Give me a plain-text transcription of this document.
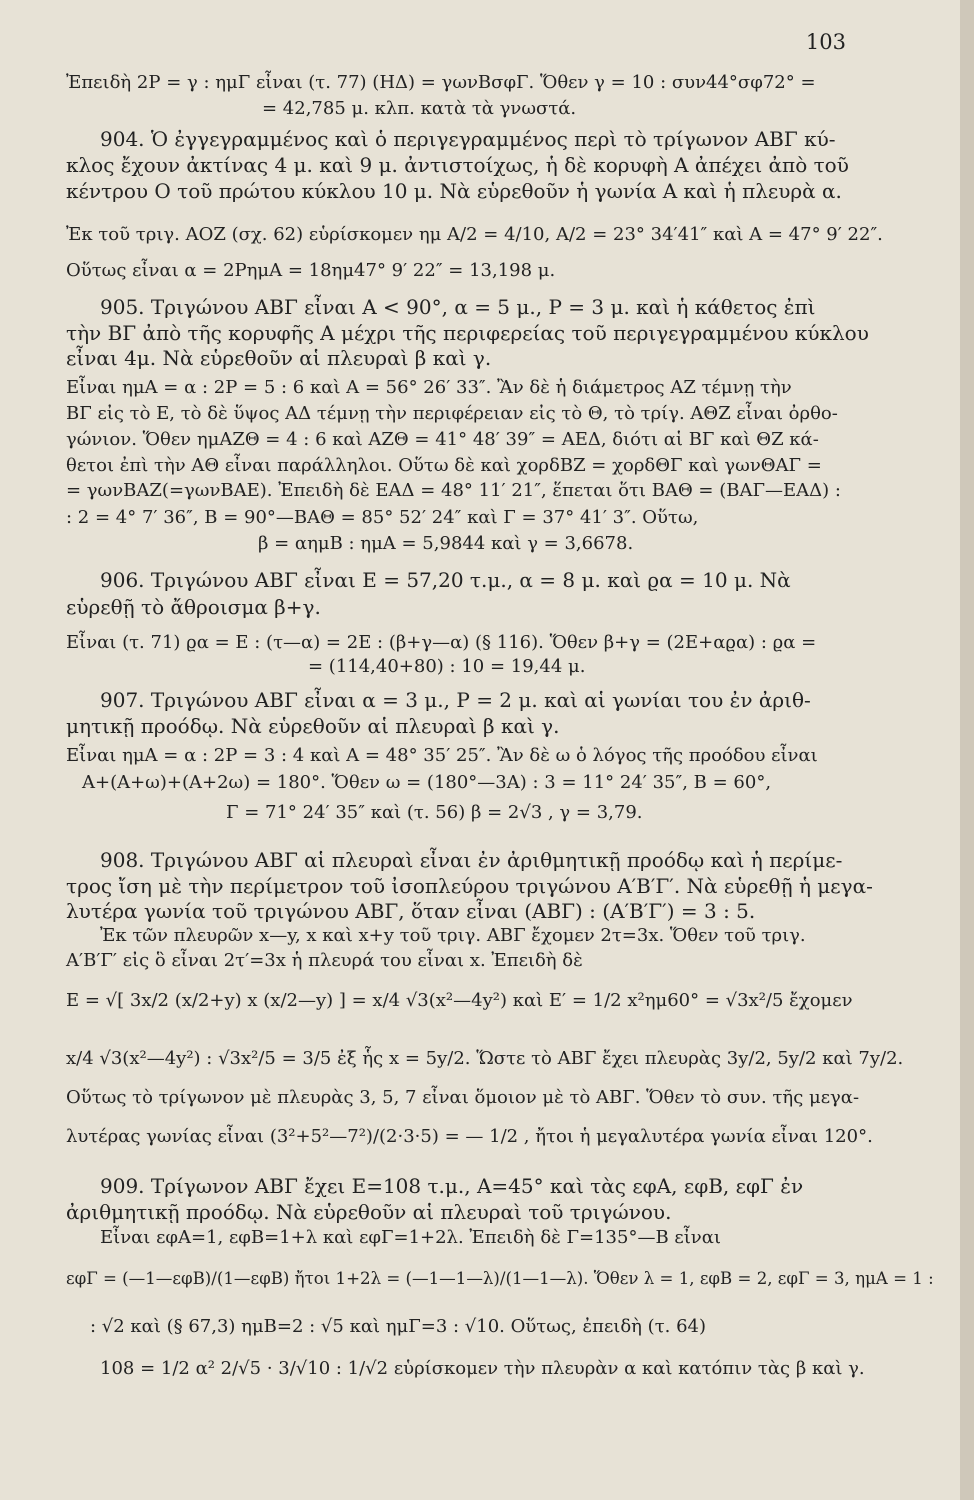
103
Ἐπειδὴ 2Ρ = γ : ημΓ εἶναι (τ. 77) (ΗΔ) = γωνΒσφΓ. Ὅθεν γ = 10 : συν44°σφ72° =
= 42,785 μ. κλπ. κατὰ τὰ γνωστά.
904. Ὁ ἐγγεγραμμένος καὶ ὁ περιγεγραμμένος περὶ τὸ τρίγωνον ΑΒΓ κύ-
κλος ἔχουν ἀκτίνας 4 μ. καὶ 9 μ. ἀντιστοίχως, ἡ δὲ κορυφὴ Α ἀπέχει ἀπὸ τοῦ
κέντρου Ο τοῦ πρώτου κύκλου 10 μ. Νὰ εὑρεθοῦν ἡ γωνία Α καὶ ἡ πλευρὰ α.
Ἐκ τοῦ τριγ. ΑΟΖ (σχ. 62) εὑρίσκομεν ημ A/2 = 4/10, A/2 = 23° 34′41″ καὶ Α = 47° 9′ 22″.
Οὕτως εἶναι α = 2ΡημΑ = 18ημ47° 9′ 22″ = 13,198 μ.
905. Τριγώνου ΑΒΓ εἶναι Α < 90°, α = 5 μ., Ρ = 3 μ. καὶ ἡ κάθετος ἐπὶ
τὴν ΒΓ ἀπὸ τῆς κορυφῆς Α μέχρι τῆς περιφερείας τοῦ περιγεγραμμένου κύκλου
εἶναι 4μ. Νὰ εὑρεθοῦν αἱ πλευραὶ β καὶ γ.
Εἶναι ημΑ = α : 2Ρ = 5 : 6 καὶ Α = 56° 26′ 33″. Ἂν δὲ ἡ διάμετρος ΑΖ τέμνῃ τὴν
ΒΓ εἰς τὸ Ε, τὸ δὲ ὕψος ΑΔ τέμνῃ τὴν περιφέρειαν εἰς τὸ Θ, τὸ τρίγ. ΑΘΖ εἶναι ὀρθο-
γώνιον. Ὅθεν ημΑΖΘ = 4 : 6 καὶ ΑΖΘ = 41° 48′ 39″ = ΑΕΔ, διότι αἱ ΒΓ καὶ ΘΖ κά-
θετοι ἐπὶ τὴν ΑΘ εἶναι παράλληλοι. Οὕτω δὲ καὶ χορδΒΖ = χορδΘΓ καὶ γωνΘΑΓ =
= γωνΒΑΖ(=γωνΒΑΕ). Ἐπειδὴ δὲ ΕΑΔ = 48° 11′ 21″, ἕπεται ὅτι ΒΑΘ = (ΒΑΓ—ΕΑΔ) :
: 2 = 4° 7′ 36″, Β = 90°—ΒΑΘ = 85° 52′ 24″ καὶ Γ = 37° 41′ 3″. Οὕτω,
β = αημΒ : ημΑ = 5,9844 καὶ γ = 3,6678.
906. Τριγώνου ΑΒΓ εἶναι Ε = 57,20 τ.μ., α = 8 μ. καὶ ϱα = 10 μ. Νὰ
εὑρεθῇ τὸ ἄθροισμα β+γ.
Εἶναι (τ. 71) ϱα = Ε : (τ—α) = 2Ε : (β+γ—α) (§ 116). Ὅθεν β+γ = (2Ε+αϱα) : ϱα =
= (114,40+80) : 10 = 19,44 μ.
907. Τριγώνου ΑΒΓ εἶναι α = 3 μ., Ρ = 2 μ. καὶ αἱ γωνίαι του ἐν ἀριθ-
μητικῇ προόδῳ. Νὰ εὑρεθοῦν αἱ πλευραὶ β καὶ γ.
Εἶναι ημΑ = α : 2Ρ = 3 : 4 καὶ Α = 48° 35′ 25″. Ἂν δὲ ω ὁ λόγος τῆς προόδου εἶναι
Α+(Α+ω)+(Α+2ω) = 180°. Ὅθεν ω = (180°—3Α) : 3 = 11° 24′ 35″, Β = 60°,
Γ = 71° 24′ 35″ καὶ (τ. 56) β = 2√3 , γ = 3,79.
908. Τριγώνου ΑΒΓ αἱ πλευραὶ εἶναι ἐν ἀριθμητικῇ προόδῳ καὶ ἡ περίμε-
τρος ἴση μὲ τὴν περίμετρον τοῦ ἰσοπλεύρου τριγώνου Α′Β′Γ′. Νὰ εὑρεθῇ ἡ μεγα-
λυτέρα γωνία τοῦ τριγώνου ΑΒΓ, ὅταν εἶναι (ΑΒΓ) : (Α′Β′Γ′) = 3 : 5.
Ἐκ τῶν πλευρῶν x—y, x καὶ x+y τοῦ τριγ. ΑΒΓ ἔχομεν 2τ=3x. Ὅθεν τοῦ τριγ.
Α′Β′Γ′ εἰς ὃ εἶναι 2τ′=3x ἡ πλευρά του εἶναι x. Ἐπειδὴ δὲ
Ε = √[ 3x/2 (x/2+y) x (x/2—y) ] = x/4 √3(x²—4y²) καὶ Ε′ = 1/2 x²ημ60° = √3x²/5 ἔχομεν
x/4 √3(x²—4y²) : √3x²/5 = 3/5 ἐξ ἧς x = 5y/2. Ὥστε τὸ ΑΒΓ ἔχει πλευρὰς 3y/2, 5y/2 καὶ 7y/2.
Οὕτως τὸ τρίγωνον μὲ πλευρὰς 3, 5, 7 εἶναι ὅμοιον μὲ τὸ ΑΒΓ. Ὅθεν τὸ συν. τῆς μεγα-
λυτέρας γωνίας εἶναι (3²+5²—7²)/(2·3·5) = — 1/2 , ἤτοι ἡ μεγαλυτέρα γωνία εἶναι 120°.
909. Τρίγωνον ΑΒΓ ἔχει Ε=108 τ.μ., Α=45° καὶ τὰς εφΑ, εφΒ, εφΓ ἐν
ἀριθμητικῇ προόδῳ. Νὰ εὑρεθοῦν αἱ πλευραὶ τοῦ τριγώνου.
Εἶναι εφΑ=1, εφΒ=1+λ καὶ εφΓ=1+2λ. Ἐπειδὴ δὲ Γ=135°—Β εἶναι
εφΓ = (—1—εφΒ)/(1—εφΒ) ἤτοι 1+2λ = (—1—1—λ)/(1—1—λ). Ὅθεν λ = 1, εφΒ = 2, εφΓ = 3, ημΑ = 1 :
: √2 καὶ (§ 67,3) ημΒ=2 : √5 καὶ ημΓ=3 : √10. Οὕτως, ἐπειδὴ (τ. 64)
108 = 1/2 α² 2/√5 · 3/√10 : 1/√2 εὑρίσκομεν τὴν πλευρὰν α καὶ κατόπιν τὰς β καὶ γ.
